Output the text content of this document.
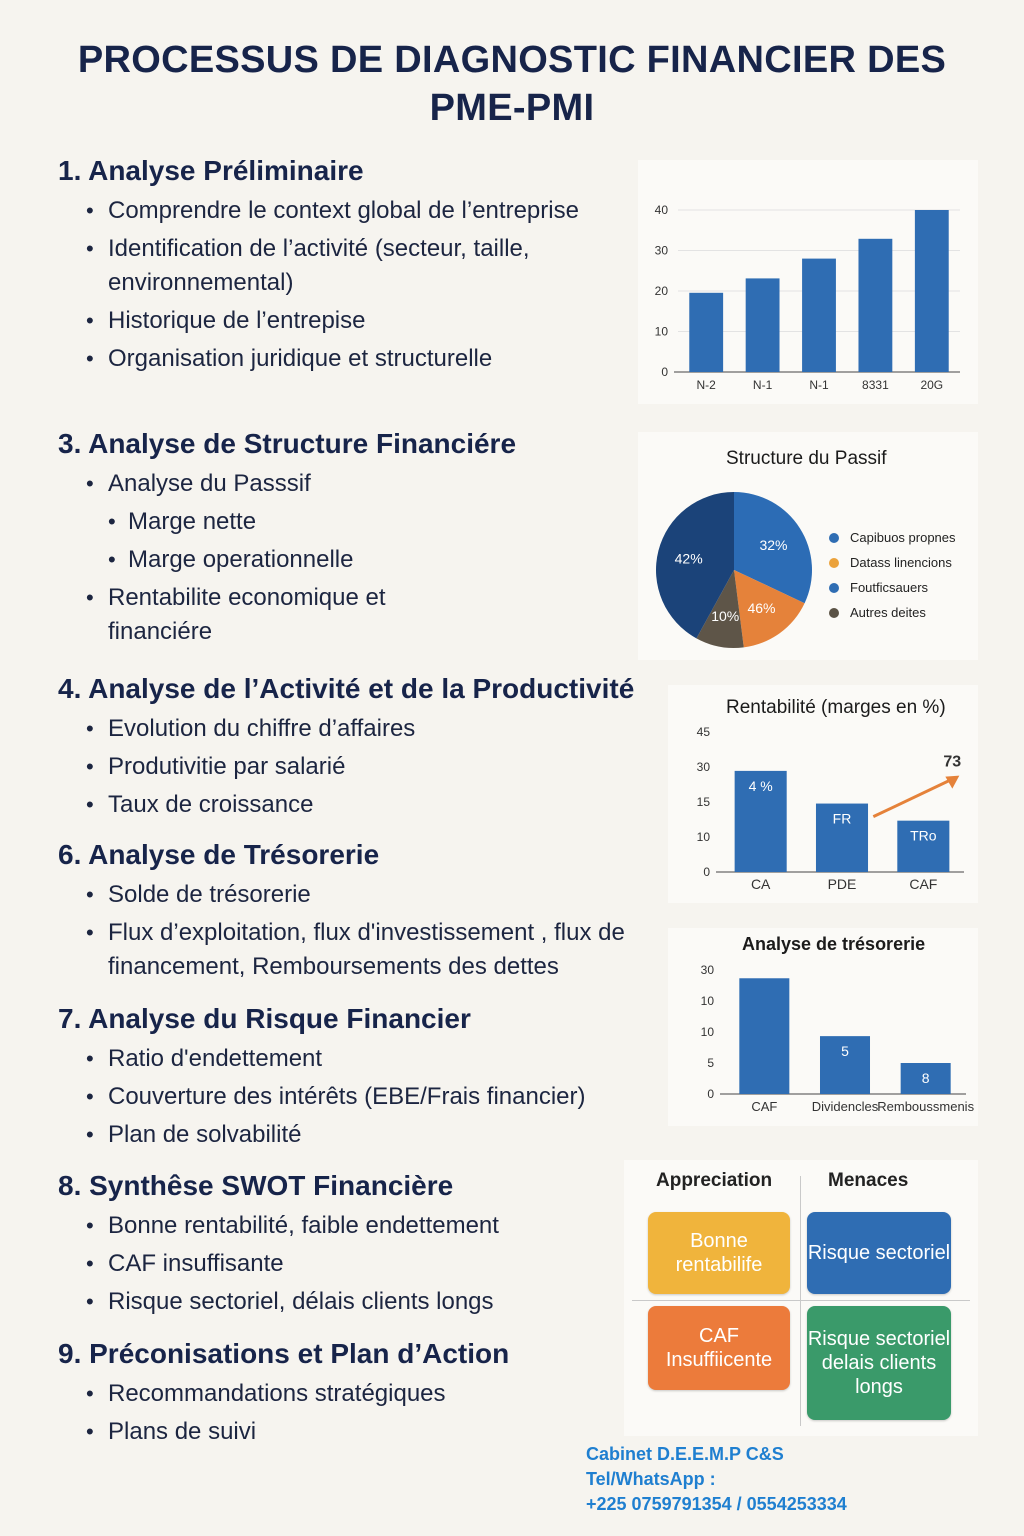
PROCESSUS DE DIAGNOSTIC FINANCIER DES PME-PMI
1. Analyse Préliminaire
• Comprendre le context global de l’entreprise
• Identification de l’activité (secteur, taille, environnemental)
• Historique de l’entrepise
• Organisation juridique et structurelle
3. Analyse de Structure Financiére
• Analyse du Passsif
• Marge nette
• Marge operationnelle
• Rentabilite economique et financiére
4. Analyse de l’Activité et de la Productivité
• Evolution du chiffre d’affaires
• Produtivitie par salarié
• Taux de croissance
6. Analyse de Trésorerie
• Solde de trésorerie
• Flux d’exploitation, flux d'investissement , flux de financement, Remboursements des dettes
7. Analyse du Risque Financier
• Ratio d'endettement
• Couverture des intérêts (EBE/Frais financier)
• Plan de solvabilité
8. Synthêse SWOT Financière
• Bonne rentabilité, faible endettement
• CAF insuffisante
• Risque sectoriel, délais clients longs
9. Préconisations et Plan d’Action
• Recommandations stratégiques
• Plans de suivi
0
10
20
30
40
N-2	N-1	N-1	8331	20G
Structure du Passif
32%
46%
10%
42%
Capibuos propnes
Datass linencions
Foutficsauers
Autres deites
Rentabilité (marges en %)
0
10
15
30
45
CA
4 %
PDE
FR
CAF
TRo
73
Analyse de trésorerie
0
5
10
10
30
CAF	Dividencles
5
Remboussmenis
8
Appreciation	Menaces
Bonne rentabilife
Risque sectoriel
CAF Insuffiicente
Risque sectoriel delais clients longs
Cabinet D.E.E.M.P C&S
Tel/WhatsApp :
+225 0759791354 / 0554253334
